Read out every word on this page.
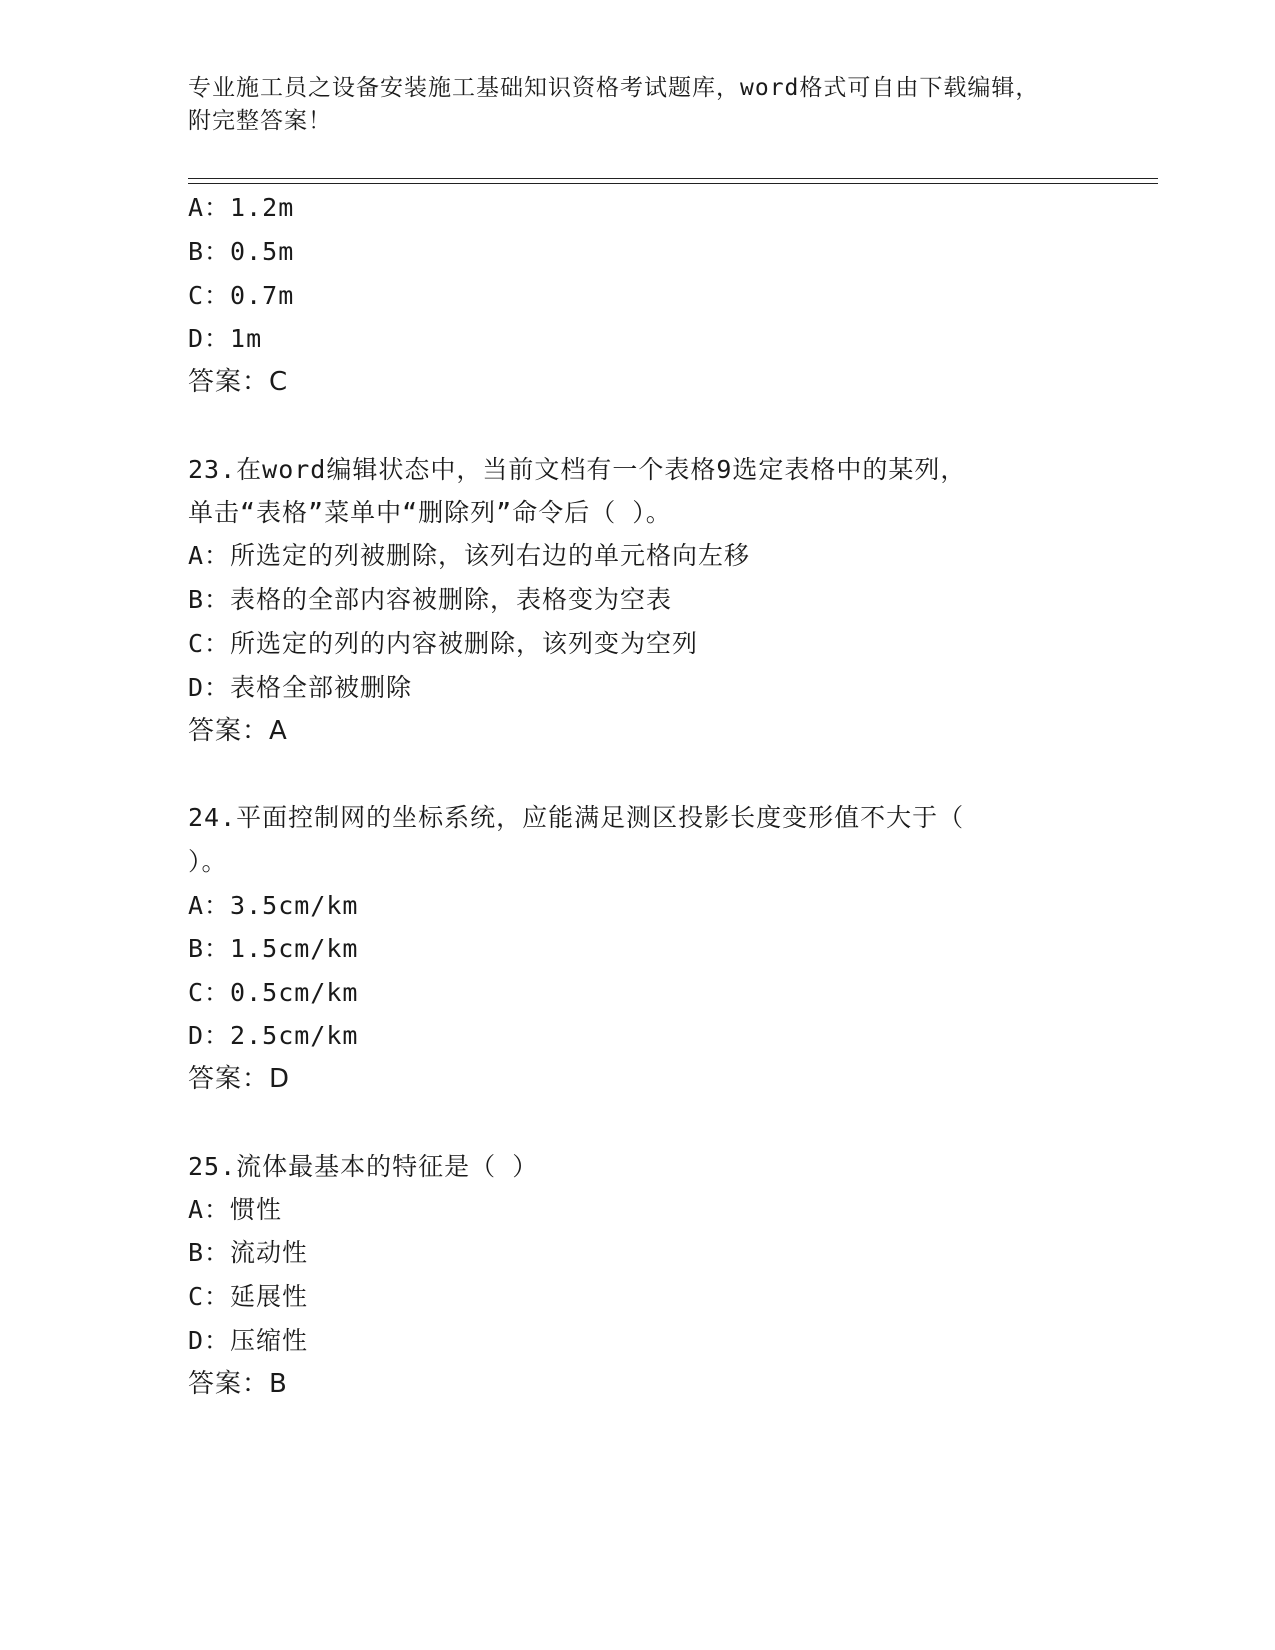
专业施工员之设备安装施工基础知识资格考试题库，word格式可自由下载编辑，
附完整答案！
A：1.2m
B：0.5m
C：0.7m
D：1m
答案：C
23.在word编辑状态中，当前文档有一个表格9选定表格中的某列，
单击“表格”菜单中“删除列”命令后（ ）。
A：所选定的列被删除，该列右边的单元格向左移
B：表格的全部内容被删除，表格变为空表
C：所选定的列的内容被删除，该列变为空列
D：表格全部被删除
答案：A
24.平面控制网的坐标系统，应能满足测区投影长度变形值不大于（
）。
A：3.5cm/km
B：1.5cm/km
C：0.5cm/km
D：2.5cm/km
答案：D
25.流体最基本的特征是（ ）
A：惯性
B：流动性
C：延展性
D：压缩性
答案：B
